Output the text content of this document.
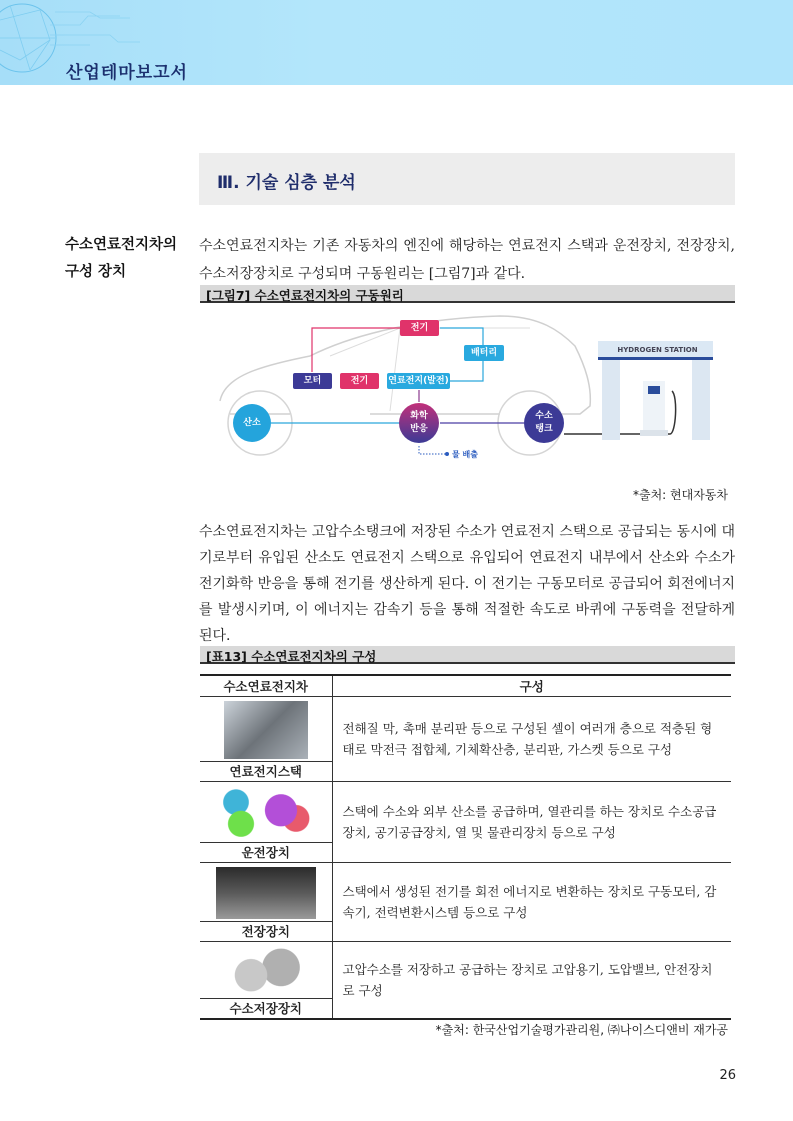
산업테마보고서
Ⅲ. 기술 심층 분석
수소연료전지차의
구성 장치
수소연료전지차는 기존 자동차의 엔진에 해당하는 연료전지 스택과 운전장치, 전장장치, 수소저장장치로 구성되며 구동원리는 [그림7]과 같다.
[그림7] 수소연료전지차의 구동원리
HYDROGEN STATION
전기
배터리
모터	전기	연료전지(발전)
산소
화학
반응
수소
탱크
물 배출
*출처: 현대자동차
수소연료전지차는 고압수소탱크에 저장된 수소가 연료전지 스택으로 공급되는 동시에 대기로부터 유입된 산소도 연료전지 스택으로 유입되어 연료전지 내부에서 산소와 수소가 전기화학 반응을 통해 전기를 생산하게 된다. 이 전기는 구동모터로 공급되어 회전에너지를 발생시키며, 이 에너지는 감속기 등을 통해 적절한 속도로 바퀴에 구동력을 전달하게 된다.
[표13] 수소연료전지차의 구성
수소연료전지차	구성

연료전지스택	전해질 막, 촉매 분리판 등으로 구성된 셀이 여러개 층으로 적층된 형태로 막전극 접합체, 기체확산층, 분리판, 가스켓 등으로 구성

운전장치	스택에 수소와 외부 산소를 공급하며, 열관리를 하는 장치로 수소공급장치, 공기공급장치, 열 및 물관리장치 등으로 구성

전장장치	스택에서 생성된 전기를 회전 에너지로 변환하는 장치로 구동모터, 감속기, 전력변환시스템 등으로 구성

수소저장장치	고압수소를 저장하고 공급하는 장치로 고압용기, 도압밸브, 안전장치로 구성
*출처: 한국산업기술평가관리원, ㈜나이스디앤비 재가공
26
